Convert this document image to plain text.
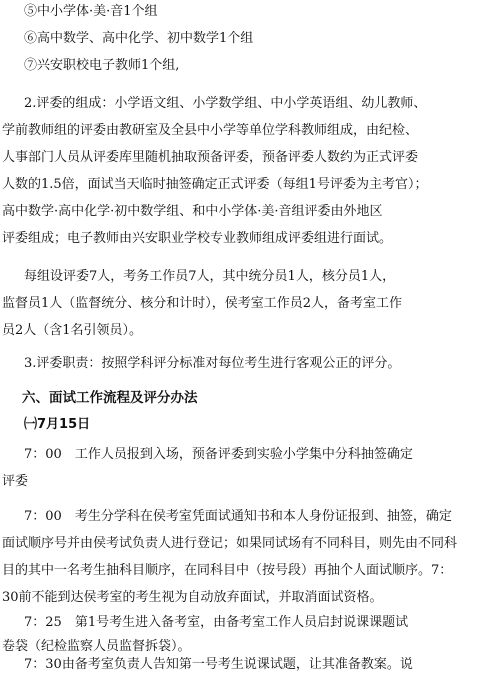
⑤中小学体·美·音1个组
⑥高中数学、高中化学、初中数学1个组
⑦兴安职校电子教师1个组,
2.评委的组成：小学语文组、小学数学组、中小学英语组、幼儿教师、
学前教师组的评委由教研室及全县中小学等单位学科教师组成，由纪检、
人事部门人员从评委库里随机抽取预备评委，预备评委人数约为正式评委
人数的1.5倍，面试当天临时抽签确定正式评委（每组1号评委为主考官）；
高中数学·高中化学·初中数学组、和中小学体·美·音组评委由外地区
评委组成；电子教师由兴安职业学校专业教师组成评委组进行面试。
每组设评委7人，考务工作员7人，其中统分员1人，核分员1人，
监督员1人（监督统分、核分和计时），侯考室工作员2人，备考室工作
员2人（含1名引领员）。
3.评委职责：按照学科评分标准对每位考生进行客观公正的评分。
六、面试工作流程及评分办法
㈠7月15日
7：00　工作人员报到入场，预备评委到实验小学集中分科抽签确定
评委
7：00　考生分学科在侯考室凭面试通知书和本人身份证报到、抽签，确定
面试顺序号并由侯考试负责人进行登记；如果同试场有不同科目，则先由不同科
目的其中一名考生抽科目顺序，在同科目中（按号段）再抽个人面试顺序。7：
30前不能到达侯考室的考生视为自动放弃面试，并取消面试资格。
7：25　第1号考生进入备考室，由备考室工作人员启封说课课题试
卷袋（纪检监察人员监督拆袋）。
7：30由备考室负责人告知第一号考生说课试题，让其准备教案。说
